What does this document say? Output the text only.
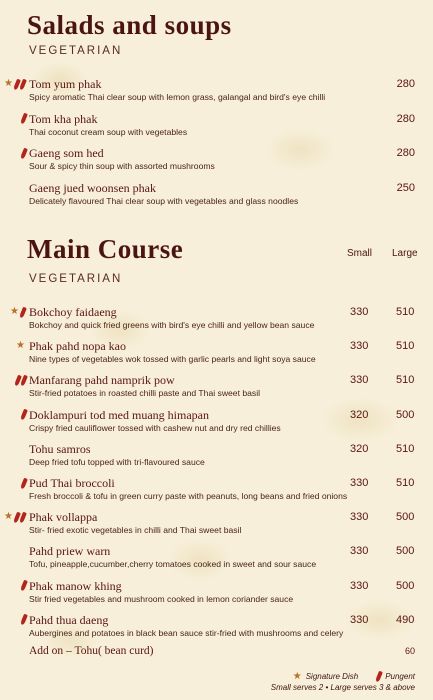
Salads and soups
VEGETARIAN
★ Tom yum phak
Spicy aromatic Thai clear soup with lemon grass, galangal and bird's eye chilli
280
Tom kha phak
Thai coconut cream soup with vegetables
280
Gaeng som hed
Sour & spicy thin soup with assorted mushrooms
280
Gaeng jued woonsen phak
Delicately flavoured Thai clear soup with vegetables and glass noodles
250
Main Course
VEGETARIAN
Small Large
★ Bokchoy faidaeng
Bokchoy and quick fried greens with bird's eye chilli and yellow bean sauce
330	510
★ Phak pahd nopa kao
Nine types of vegetables wok tossed with garlic pearls and light soya sauce
330	510
Manfarang pahd namprik pow
Stir-fried potatoes in roasted chilli paste and Thai sweet basil
330	510
Doklampuri tod med muang himapan
Crispy fried cauliflower tossed with cashew nut and dry red chillies
320	500
Tohu samros
Deep fried tofu topped with tri-flavoured sauce
320	510
Pud Thai broccoli
Fresh broccoli & tofu in green curry paste with peanuts, long beans and fried onions
330	510
★ Phak vollappa
Stir- fried exotic vegetables in chilli and Thai sweet basil
330	500
Pahd priew warn
Tofu, pineapple,cucumber,cherry tomatoes cooked in sweet and sour sauce
330	500
Phak manow khing
Stir fried vegetables and mushroom cooked in lemon coriander sauce
330	500
Pahd thua daeng
Aubergines and potatoes in black bean sauce stir-fried with mushrooms and celery
330	490
Add on – Tohu( bean curd)	60
★ Signature Dish	Pungent
Small serves 2 • Large serves 3 & above
